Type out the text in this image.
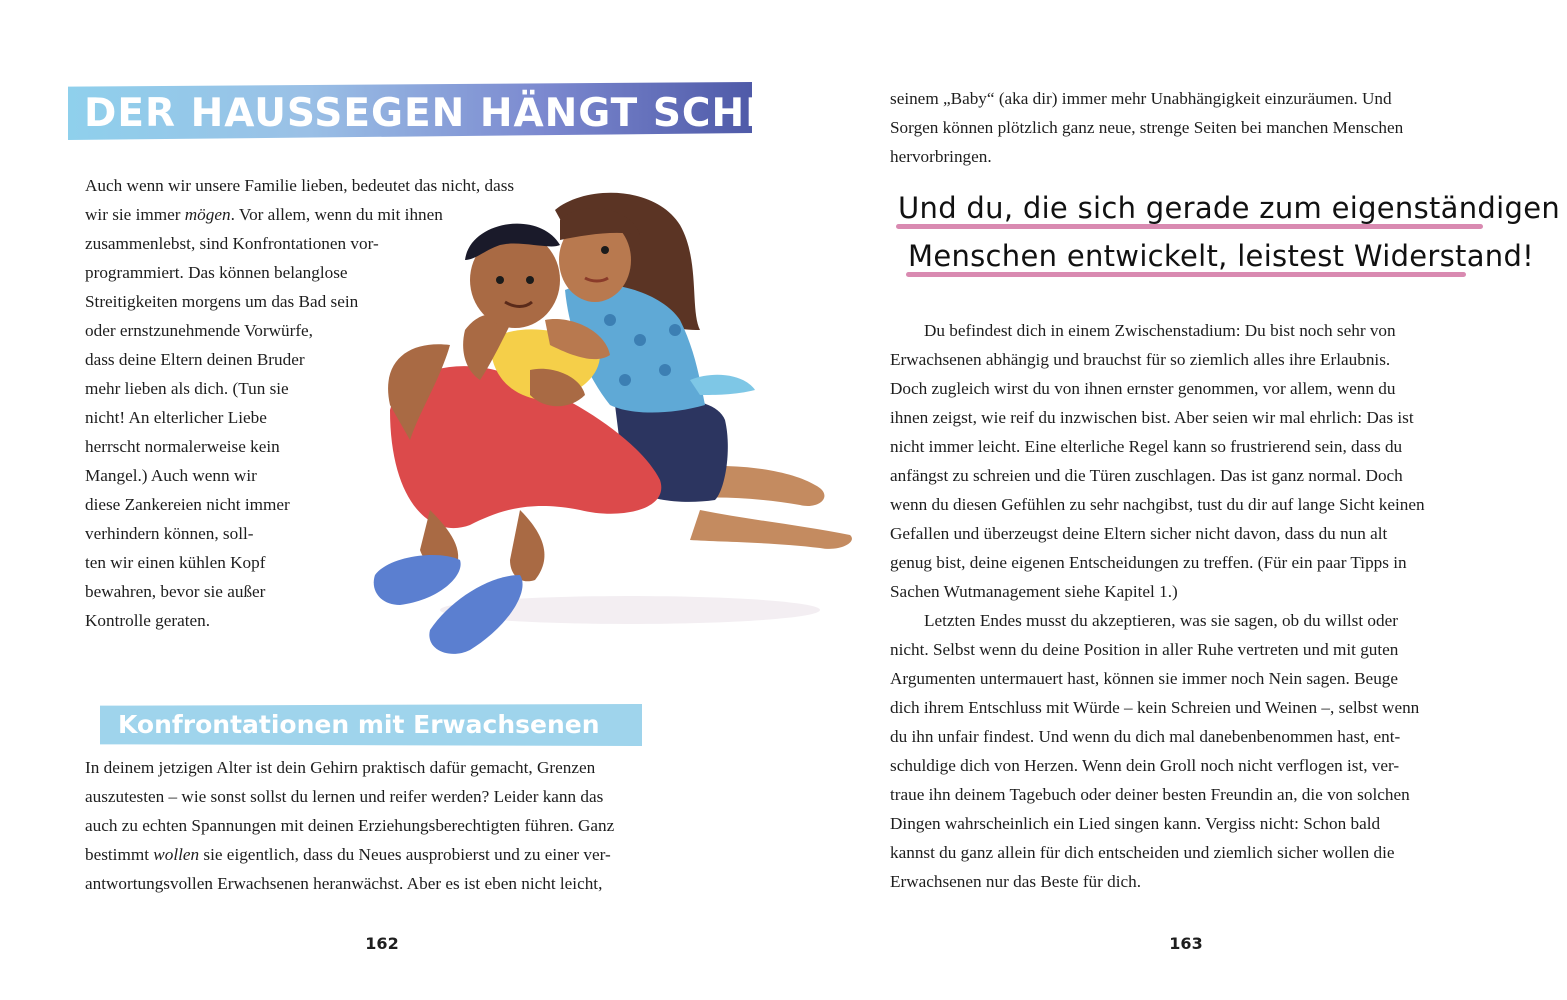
DER HAUSSEGEN HÄNGT SCHIEF
Auch wenn wir unsere Familie lieben, bedeutet das nicht, dass
wir sie immer mögen. Vor allem, wenn du mit ihnen
zusammenlebst, sind Konfrontationen vor-
programmiert. Das können belanglose
Streitigkeiten morgens um das Bad sein
oder ernstzunehmende Vorwürfe,
dass deine Eltern deinen Bruder
mehr lieben als dich. (Tun sie
nicht! An elterlicher Liebe
herrscht normalerweise kein
Mangel.) Auch wenn wir
diese Zankereien nicht immer
verhindern können, soll-
ten wir einen kühlen Kopf
bewahren, bevor sie außer
Kontrolle geraten.
Konfrontationen mit Erwachsenen
In deinem jetzigen Alter ist dein Gehirn praktisch dafür gemacht, Grenzen
auszutesten – wie sonst sollst du lernen und reifer werden? Leider kann das
auch zu echten Spannungen mit deinen Erziehungsberechtigten führen. Ganz
bestimmt wollen sie eigentlich, dass du Neues ausprobierst und zu einer ver-
antwortungsvollen Erwachsenen heranwächst. Aber es ist eben nicht leicht,
162
seinem „Baby“ (aka dir) immer mehr Unabhängigkeit einzuräumen. Und
Sorgen können plötzlich ganz neue, strenge Seiten bei manchen Menschen
hervorbringen.
Und du, die sich gerade zum eigenständigen
Menschen entwickelt, leistest Widerstand!
Du befindest dich in einem Zwischenstadium: Du bist noch sehr von
Erwachsenen abhängig und brauchst für so ziemlich alles ihre Erlaubnis.
Doch zugleich wirst du von ihnen ernster genommen, vor allem, wenn du
ihnen zeigst, wie reif du inzwischen bist. Aber seien wir mal ehrlich: Das ist
nicht immer leicht. Eine elterliche Regel kann so frustrierend sein, dass du
anfängst zu schreien und die Türen zuschlagen. Das ist ganz normal. Doch
wenn du diesen Gefühlen zu sehr nachgibst, tust du dir auf lange Sicht keinen
Gefallen und überzeugst deine Eltern sicher nicht davon, dass du nun alt
genug bist, deine eigenen Entscheidungen zu treffen. (Für ein paar Tipps in
Sachen Wutmanagement siehe Kapitel 1.)
Letzten Endes musst du akzeptieren, was sie sagen, ob du willst oder
nicht. Selbst wenn du deine Position in aller Ruhe vertreten und mit guten
Argumenten untermauert hast, können sie immer noch Nein sagen. Beuge
dich ihrem Entschluss mit Würde – kein Schreien und Weinen –, selbst wenn
du ihn unfair findest. Und wenn du dich mal danebenbenommen hast, ent-
schuldige dich von Herzen. Wenn dein Groll noch nicht verflogen ist, ver-
traue ihn deinem Tagebuch oder deiner besten Freundin an, die von solchen
Dingen wahrscheinlich ein Lied singen kann. Vergiss nicht: Schon bald
kannst du ganz allein für dich entscheiden und ziemlich sicher wollen die
Erwachsenen nur das Beste für dich.
163
